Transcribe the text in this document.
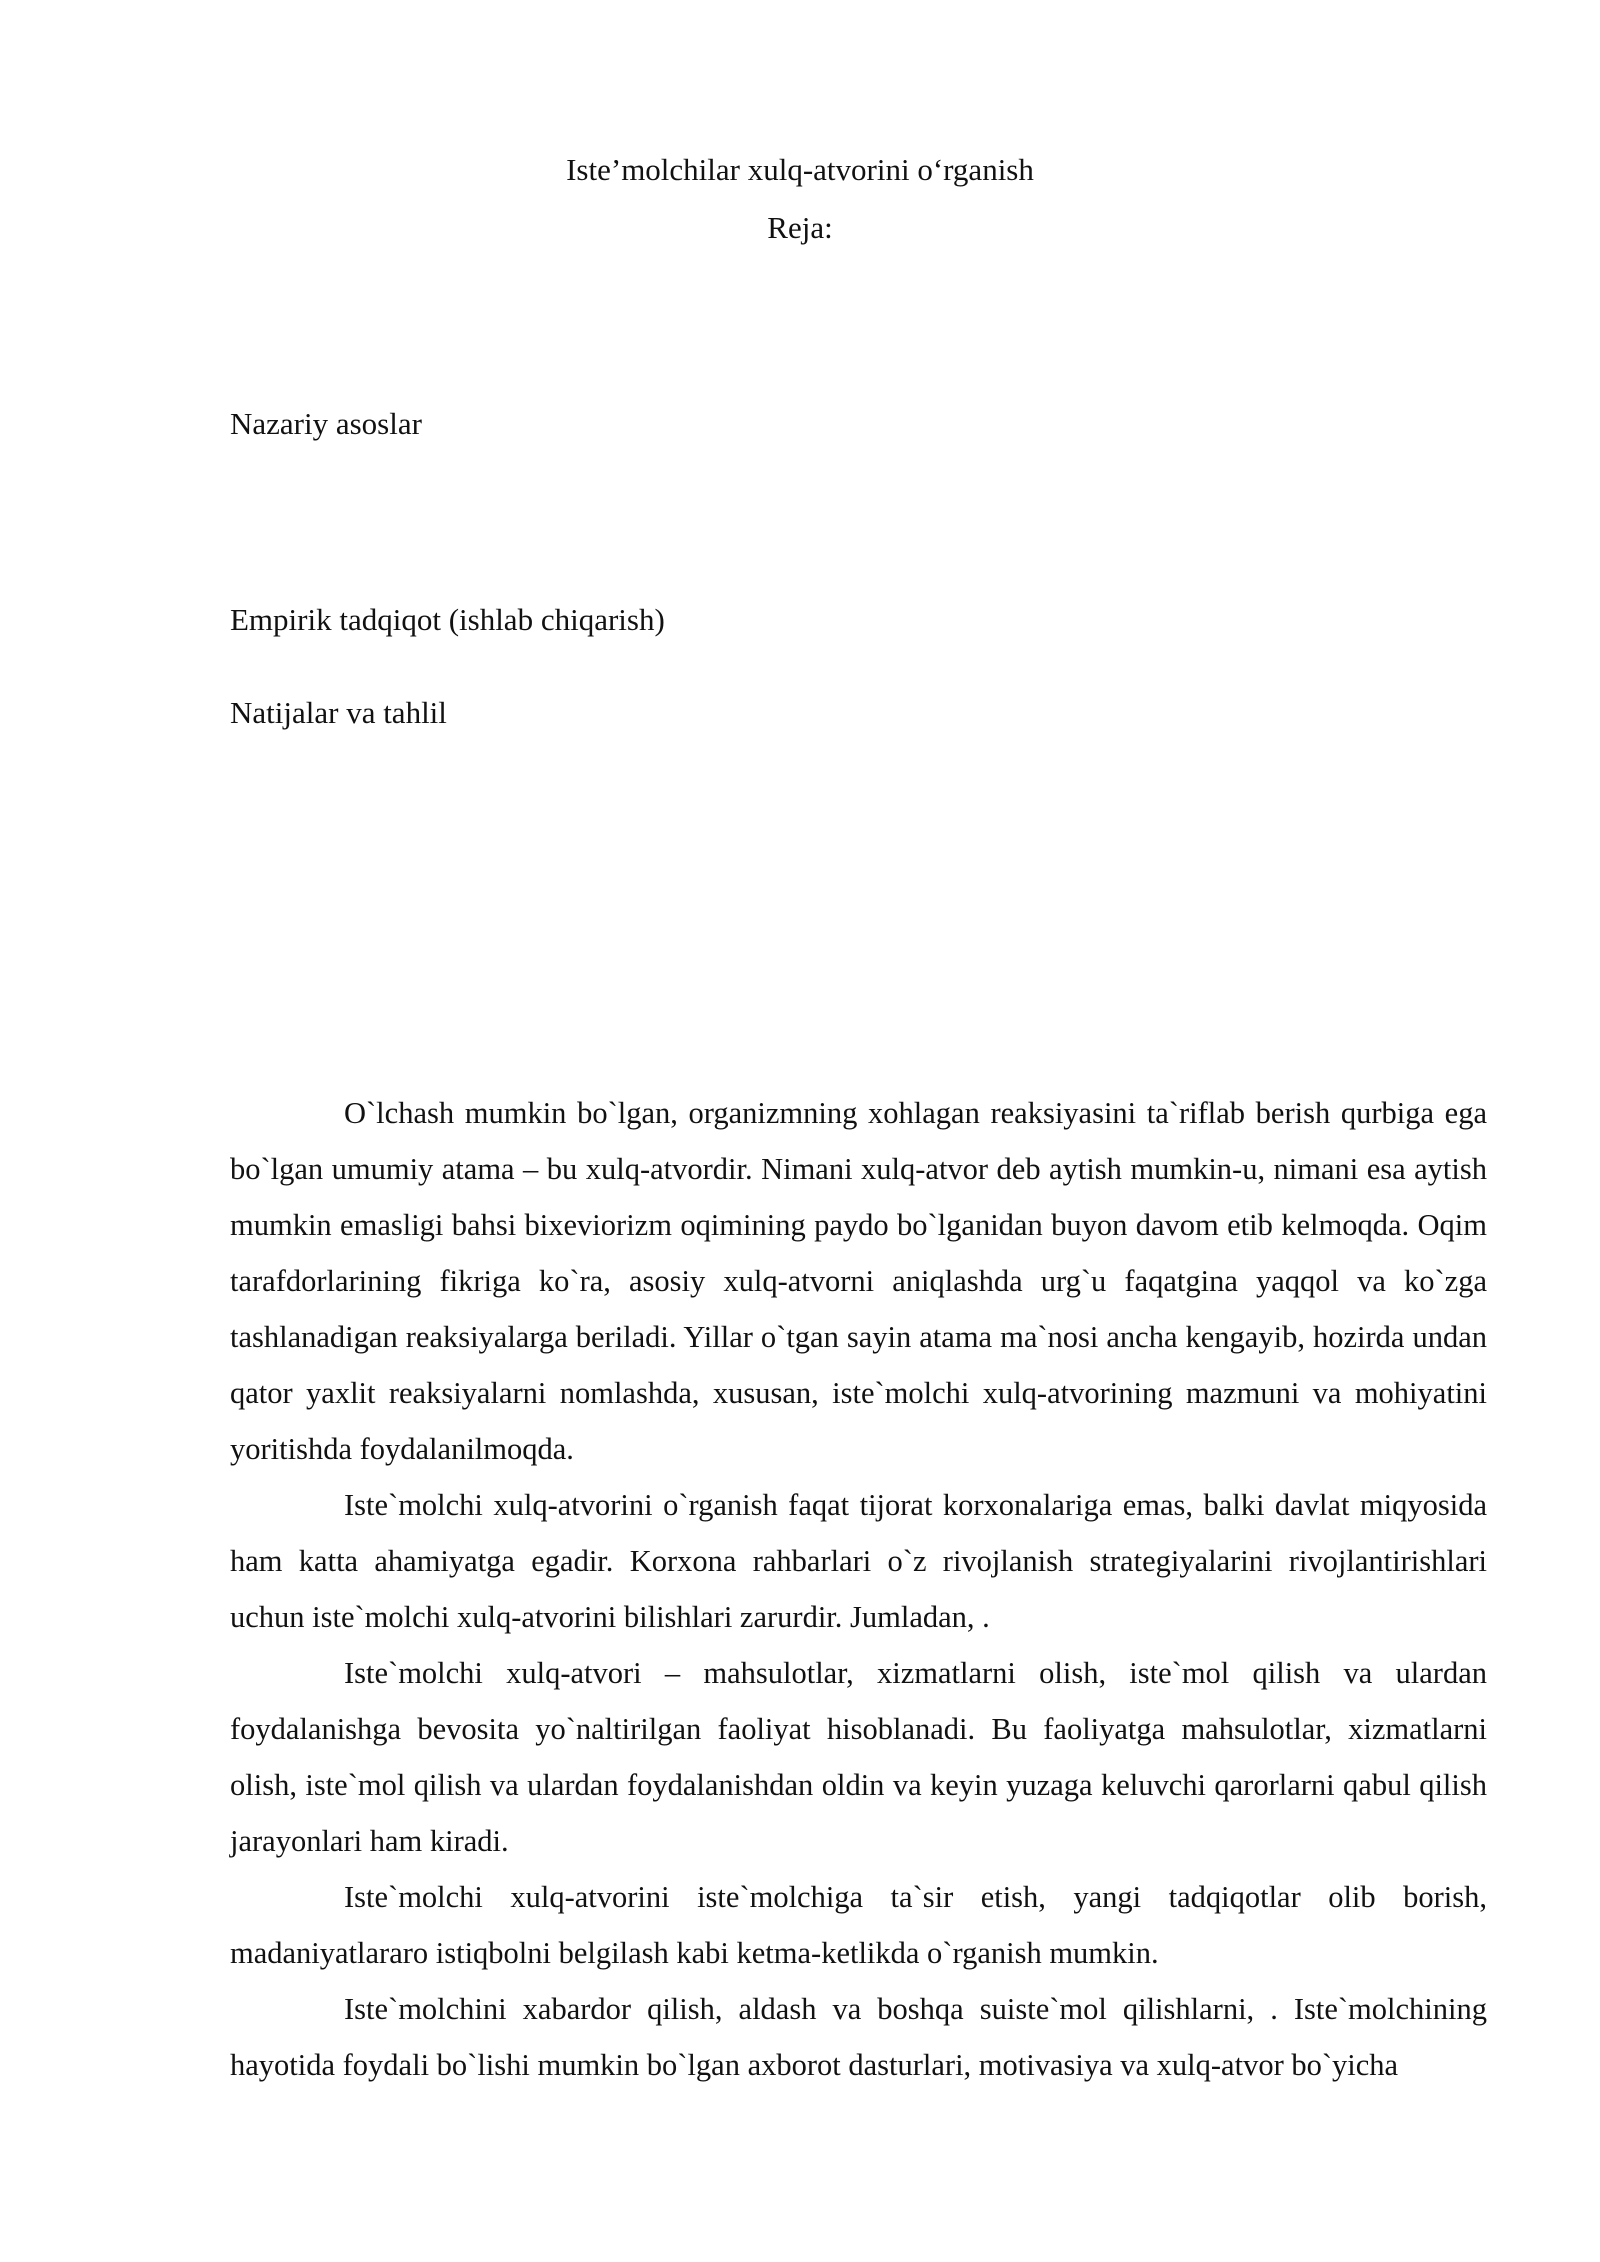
Iste’molchilar xulq-atvorini o‘rganish
Reja:
Nazariy asoslar
Empirik tadqiqot (ishlab chiqarish)
Natijalar va tahlil

O`lchash mumkin bo`lgan, organizmning xohlagan reaksiyasini ta`riflab berish qurbiga ega bo`lgan umumiy atama – bu xulq-atvordir. Nimani xulq-atvor deb aytish mumkin-u, nimani esa aytish mumkin emasligi bahsi bixeviorizm oqimining paydo bo`lganidan buyon davom etib kelmoqda. Oqim tarafdorlarining fikriga ko`ra, asosiy xulq-atvorni aniqlashda urg`u faqatgina yaqqol va ko`zga tashlanadigan reaksiyalarga beriladi. Yillar o`tgan sayin atama ma`nosi ancha kengayib, hozirda undan qator yaxlit reaksiyalarni nomlashda, xususan, iste`molchi xulq-atvorining mazmuni va mohiyatini yoritishda foydalanilmoqda.

Iste`molchi xulq-atvorini o`rganish faqat tijorat korxonalariga emas, balki davlat miqyosida ham katta ahamiyatga egadir. Korxona rahbarlari o`z rivojlanish strategiyalarini rivojlantirishlari uchun iste`molchi xulq-atvorini bilishlari zarurdir. Jumladan, .

Iste`molchi xulq-atvori – mahsulotlar, xizmatlarni olish, iste`mol qilish va ulardan foydalanishga bevosita yo`naltirilgan faoliyat hisoblanadi. Bu faoliyatga mahsulotlar, xizmatlarni olish, iste`mol qilish va ulardan foydalanishdan oldin va keyin yuzaga keluvchi qarorlarni qabul qilish jarayonlari ham kiradi.

Iste`molchi xulq-atvorini iste`molchiga ta`sir etish, yangi tadqiqotlar olib borish, madaniyatlararo istiqbolni belgilash kabi ketma-ketlikda o`rganish mumkin.

Iste`molchini xabardor qilish, aldash va boshqa suiste`mol qilishlarni, . Iste`molchining hayotida foydali bo`lishi mumkin bo`lgan axborot dasturlari, motivasiya va xulq-atvor bo`yicha
